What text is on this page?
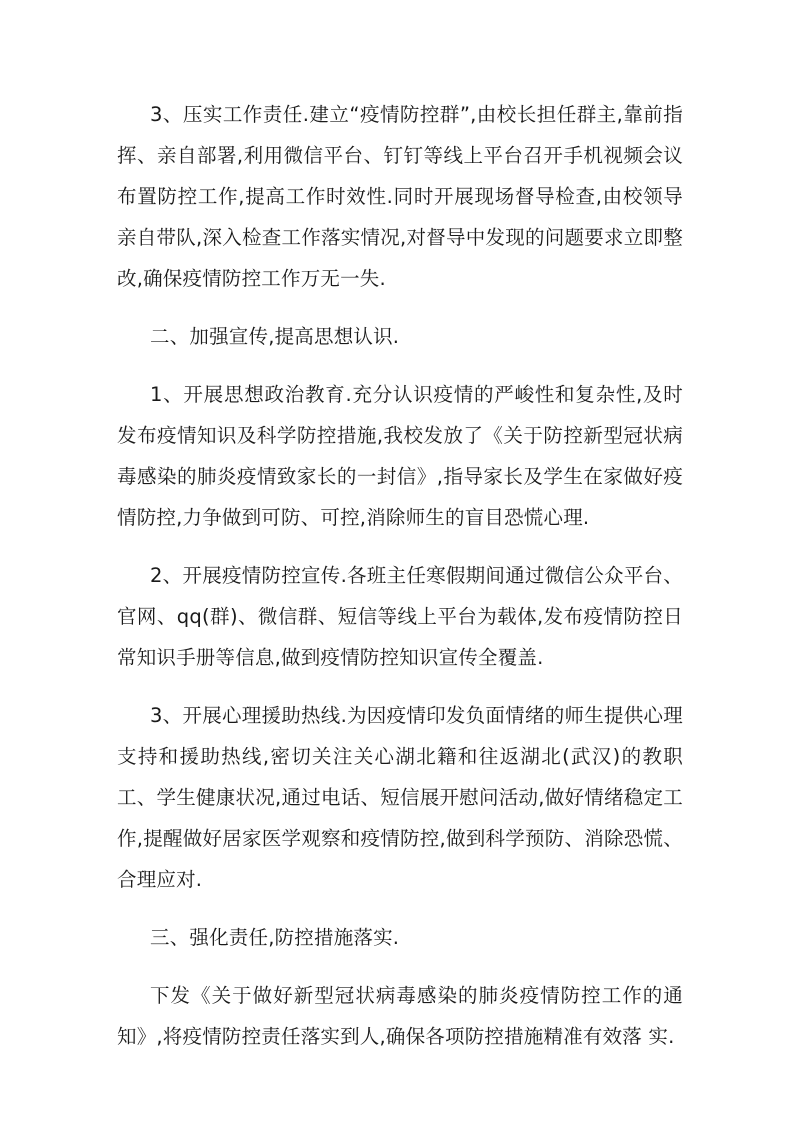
3、压实工作责任.建立“疫情防控群”,由校长担任群主,靠前指挥、亲自部署,利用微信平台、钉钉等线上平台召开手机视频会议布置防控工作,提高工作时效性.同时开展现场督导检查,由校领导亲自带队,深入检查工作落实情况,对督导中发现的问题要求立即整改,确保疫情防控工作万无一失.

二、加强宣传,提高思想认识.

1、开展思想政治教育.充分认识疫情的严峻性和复杂性,及时发布疫情知识及科学防控措施,我校发放了《关于防控新型冠状病毒感染的肺炎疫情致家长的一封信》,指导家长及学生在家做好疫情防控,力争做到可防、可控,消除师生的盲目恐慌心理.

2、开展疫情防控宣传.各班主任寒假期间通过微信公众平台、官网、qq(群)、微信群、短信等线上平台为载体,发布疫情防控日常知识手册等信息,做到疫情防控知识宣传全覆盖.

3、开展心理援助热线.为因疫情印发负面情绪的师生提供心理支持和援助热线,密切关注关心湖北籍和往返湖北(武汉)的教职工、学生健康状况,通过电话、短信展开慰问活动,做好情绪稳定工作,提醒做好居家医学观察和疫情防控,做到科学预防、消除恐慌、合理应对.

三、强化责任,防控措施落实.

下发《关于做好新型冠状病毒感染的肺炎疫情防控工作的通知》,将疫情防控责任落实到人,确保各项防控措施精准有效落 实.
